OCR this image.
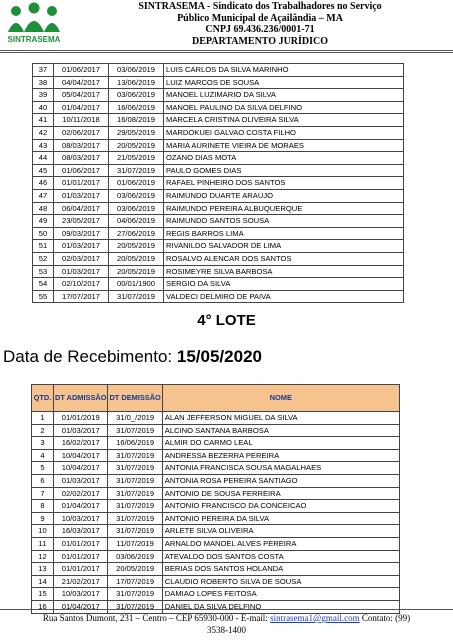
SINTRASEMA
SINTRASEMA - Sindicato dos Trabalhadores no Serviço
Público Municipal de Açailândia – MA
CNPJ 69.436.236/0001-71
DEPARTAMENTO JURÍDICO
37	01/06/2017	03/06/2019	LUIS CARLOS DA SILVA MARINHO
38	04/04/2017	13/06/2019	LUIZ MARCOS DE SOUSA
39	05/04/2017	03/06/2019	MANOEL LUZIMARIO DA SILVA
40	01/04/2017	16/06/2019	MANOEL PAULINO DA SILVA DELFINO
41	10/11/2018	16/08/2019	MARCELA CRISTINA OLIVEIRA SILVA
42	02/06/2017	29/05/2019	MARDOKUEI GALVAO COSTA FILHO
43	08/03/2017	20/05/2019	MARIA AURINETE VIEIRA DE MORAES
44	08/03/2017	21/05/2019	OZANO DIAS MOTA
45	01/06/2017	31/07/2019	PAULO GOMES DIAS
46	01/01/2017	01/06/2019	RAFAEL PINHEIRO DOS SANTOS
47	01/03/2017	03/06/2019	RAIMUNDO DUARTE ARAUJO
48	06/04/2017	03/06/2019	RAIMUNDO PEREIRA ALBUQUERQUE
49	23/05/2017	04/06/2019	RAIMUNDO SANTOS SOUSA
50	09/03/2017	27/06/2019	REGIS BARROS LIMA
51	01/03/2017	20/05/2019	RIVANILDO SALVADOR DE LIMA
52	02/03/2017	20/05/2019	ROSALVO ALENCAR DOS SANTOS
53	01/03/2017	20/05/2019	ROSIMEYRE SILVA BARBOSA
54	02/10/2017	00/01/1900	SERGIO DA SILVA
55	17/07/2017	31/07/2019	VALDECI DELMIRO DE PAIVA
4° LOTE
Data de Recebimento: 15/05/2020
QTD.	DT ADMISSÃO	DT DEMISSÃO	NOME
1	01/01/2019	31/0_/2019	ALAN JEFFERSON MIGUEL DA SILVA
2	01/03/2017	31/07/2019	ALCINO SANTANA BARBOSA
3	16/02/2017	16/06/2019	ALMIR DO CARMO LEAL
4	10/04/2017	31/07/2019	ANDRESSA BEZERRA PEREIRA
5	10/04/2017	31/07/2019	ANTONIA FRANCISCA SOUSA MAGALHAES
6	01/03/2017	31/07/2019	ANTONIA ROSA PEREIRA SANTIAGO
7	02/02/2017	31/07/2019	ANTONIO DE SOUSA FERREIRA
8	01/04/2017	31/07/2019	ANTONIO FRANCISCO DA CONCEICAO
9	10/03/2017	31/07/2019	ANTONIO PEREIRA DA SILVA
10	16/03/2017	31/07/2019	ARLETE SILVA OLIVEIRA
11	01/01/2017	11/07/2019	ARNALDO MANOEL ALVES PEREIRA
12	01/01/2017	03/06/2019	ATEVALDO DOS SANTOS COSTA
13	01/01/2017	20/05/2019	BERIAS DOS SANTOS HOLANDA
14	21/02/2017	17/07/2019	CLAUDIO ROBERTO SILVA DE SOUSA
15	10/03/2017	31/07/2019	DAMIAO LOPES FEITOSA
16	01/04/2017	31/07/2019	DANIEL DA SILVA DELFINO
Rua Santos Dumont, 231 – Centro – CEP 65930-000 - E-mail: sintrasema1@gmail.com Contato: (99)
3538-1400
